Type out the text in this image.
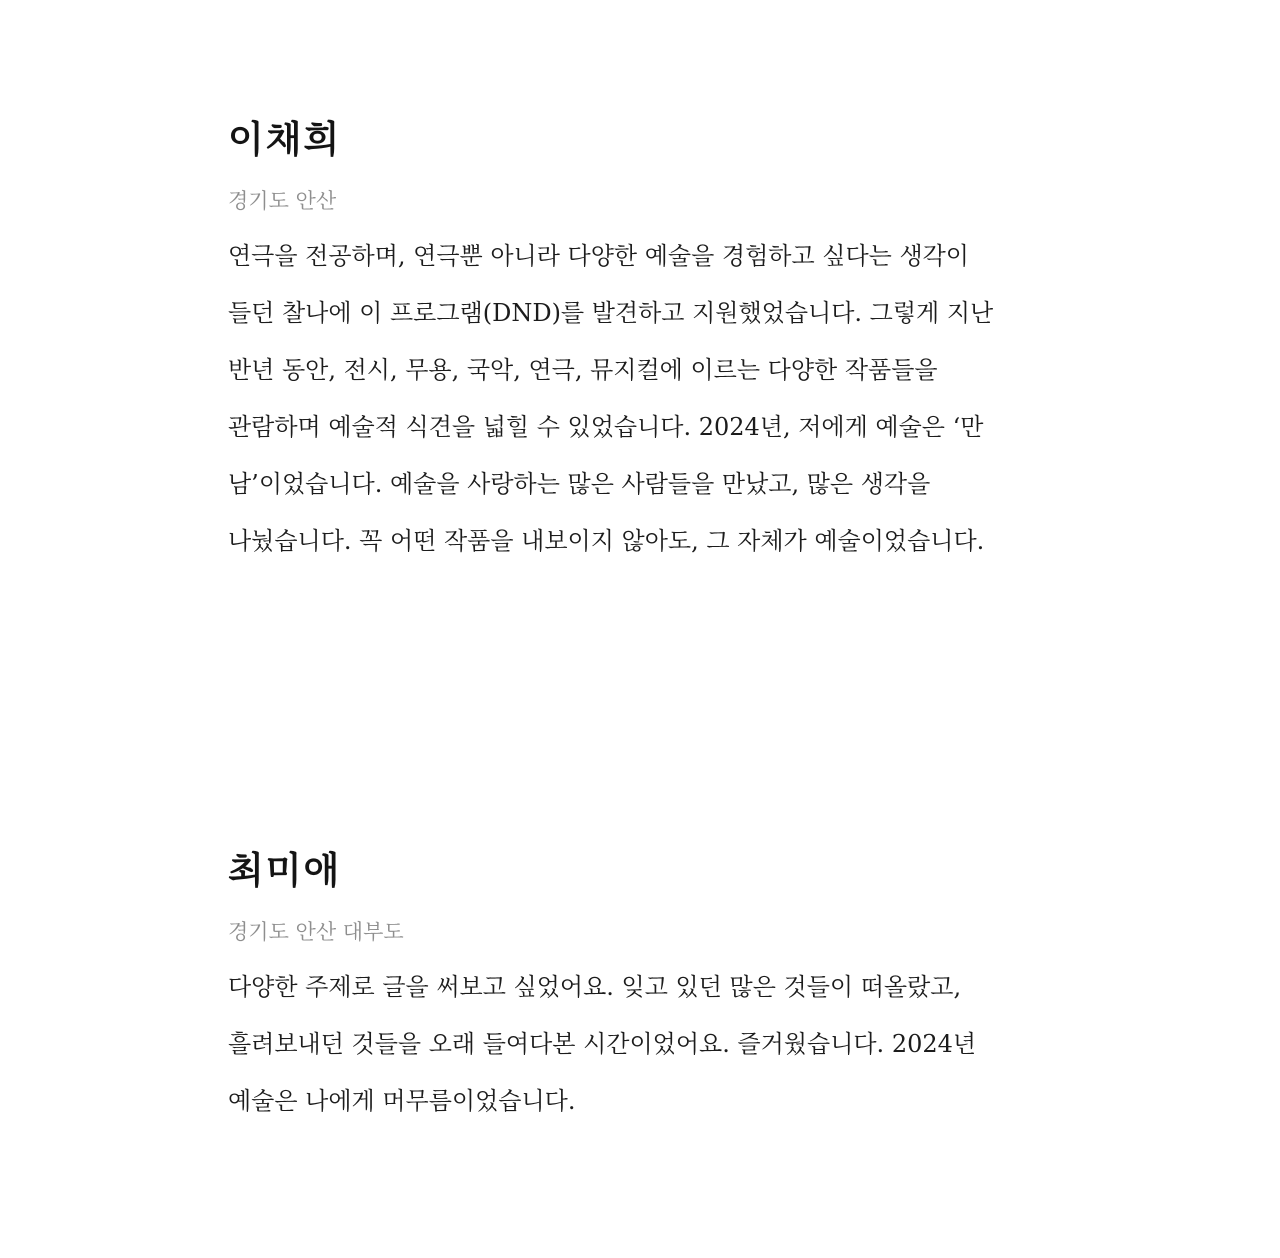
이채희

경기도 안산

연극을 전공하며, 연극뿐 아니라 다양한 예술을 경험하고 싶다는 생각이
들던 찰나에 이 프로그램(DND)를 발견하고 지원했었습니다. 그렇게 지난
반년 동안, 전시, 무용, 국악, 연극, 뮤지컬에 이르는 다양한 작품들을
관람하며 예술적 식견을 넓힐 수 있었습니다. 2024년, 저에게 예술은 ‘만
남’이었습니다. 예술을 사랑하는 많은 사람들을 만났고, 많은 생각을
나눴습니다. 꼭 어떤 작품을 내보이지 않아도, 그 자체가 예술이었습니다.

최미애

경기도 안산 대부도

다양한 주제로 글을 써보고 싶었어요. 잊고 있던 많은 것들이 떠올랐고,
흘려보내던 것들을 오래 들여다본 시간이었어요. 즐거웠습니다. 2024년
예술은 나에게 머무름이었습니다.
